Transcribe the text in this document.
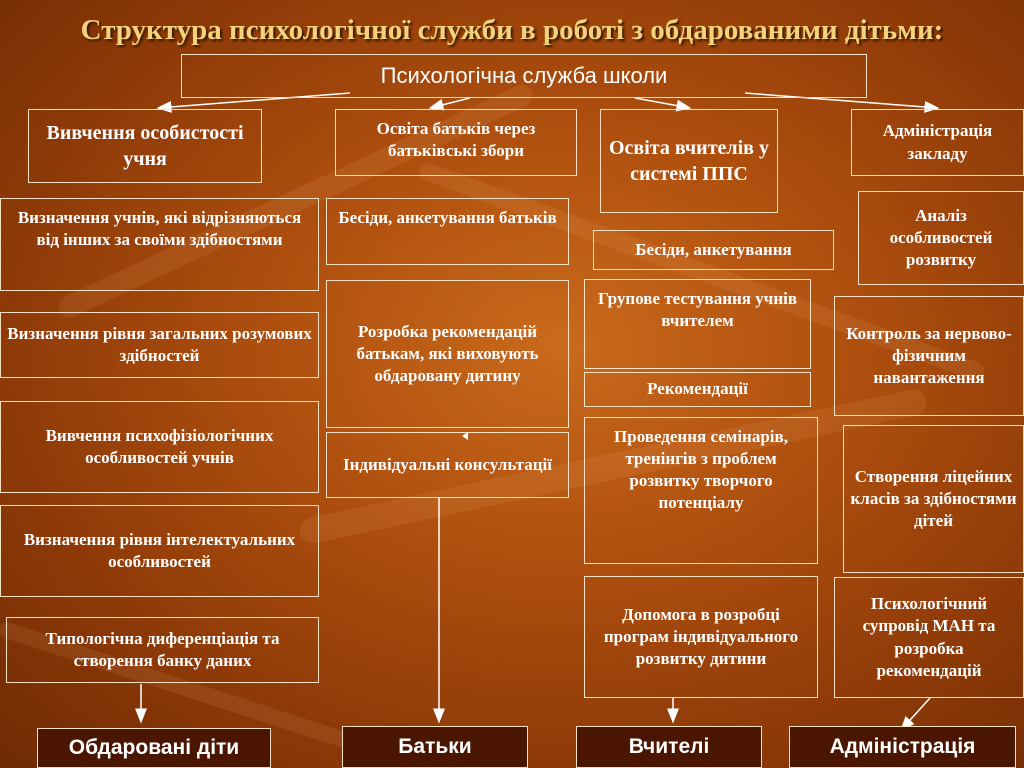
Структура психологічної служби в роботі з обдарованими дітьми:
Психологічна служба школи
Вивчення особистості учня
Визначення учнів, які відрізняються від інших за своїми здібностями
Визначення рівня загальних розумових здібностей
Вивчення психофізіологічних особливостей учнів
Визначення рівня інтелектуальних особливостей
Типологічна диференціація та створення банку даних
Освіта батьків через батьківські збори
Бесіди, анкетування батьків
Розробка рекомендацій батькам, які виховують обдаровану дитину
Індивідуальні консультації
Освіта вчителів у системі ППС
Бесіди, анкетування
Групове тестування учнів вчителем
Рекомендації
Проведення семінарів, тренінгів з проблем розвитку творчого потенціалу
Допомога в розробці програм індивідуального розвитку дитини
Адміністрація закладу
Аналіз особливостей розвитку
Контроль за нервово-фізичним навантаження
Створення ліцейних класів за здібностями дітей
Психологічний супровід МАН та розробка рекомендацій
Обдаровані діти	Батьки	Вчителі	Адміністрація
